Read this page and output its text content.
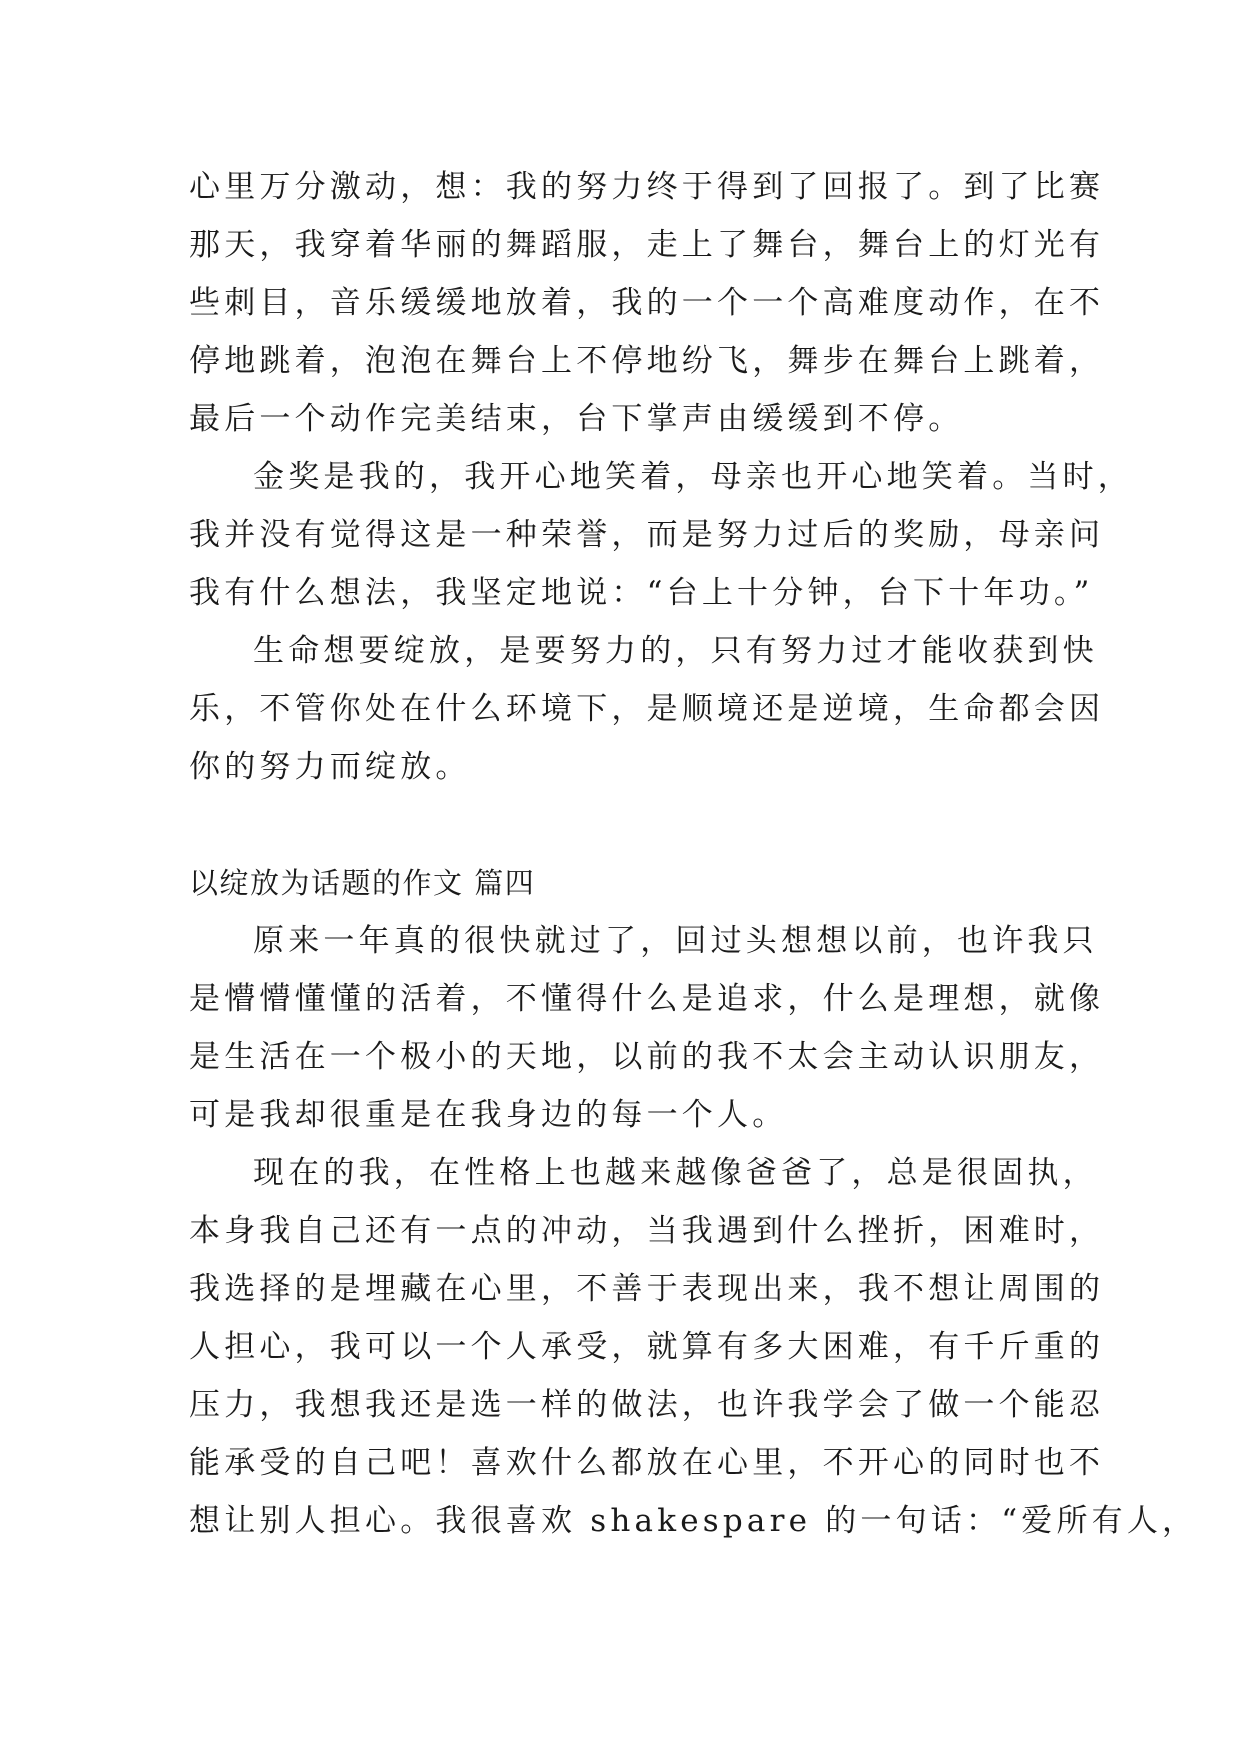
心里万分激动，想：我的努力终于得到了回报了。到了比赛
那天，我穿着华丽的舞蹈服，走上了舞台，舞台上的灯光有
些刺目，音乐缓缓地放着，我的一个一个高难度动作，在不
停地跳着，泡泡在舞台上不停地纷飞，舞步在舞台上跳着，
最后一个动作完美结束，台下掌声由缓缓到不停。
金奖是我的，我开心地笑着，母亲也开心地笑着。当时，
我并没有觉得这是一种荣誉，而是努力过后的奖励，母亲问
我有什么想法，我坚定地说：“台上十分钟，台下十年功。”
生命想要绽放，是要努力的，只有努力过才能收获到快
乐，不管你处在什么环境下，是顺境还是逆境，生命都会因
你的努力而绽放。
以绽放为话题的作文 篇四
原来一年真的很快就过了，回过头想想以前，也许我只
是懵懵懂懂的活着，不懂得什么是追求，什么是理想，就像
是生活在一个极小的天地，以前的我不太会主动认识朋友，
可是我却很重是在我身边的每一个人。
现在的我，在性格上也越来越像爸爸了，总是很固执，
本身我自己还有一点的冲动，当我遇到什么挫折，困难时，
我选择的是埋藏在心里，不善于表现出来，我不想让周围的
人担心，我可以一个人承受，就算有多大困难，有千斤重的
压力，我想我还是选一样的做法，也许我学会了做一个能忍
能承受的自己吧！喜欢什么都放在心里，不开心的同时也不
想让别人担心。我很喜欢 shakespare 的一句话：“爱所有人，
